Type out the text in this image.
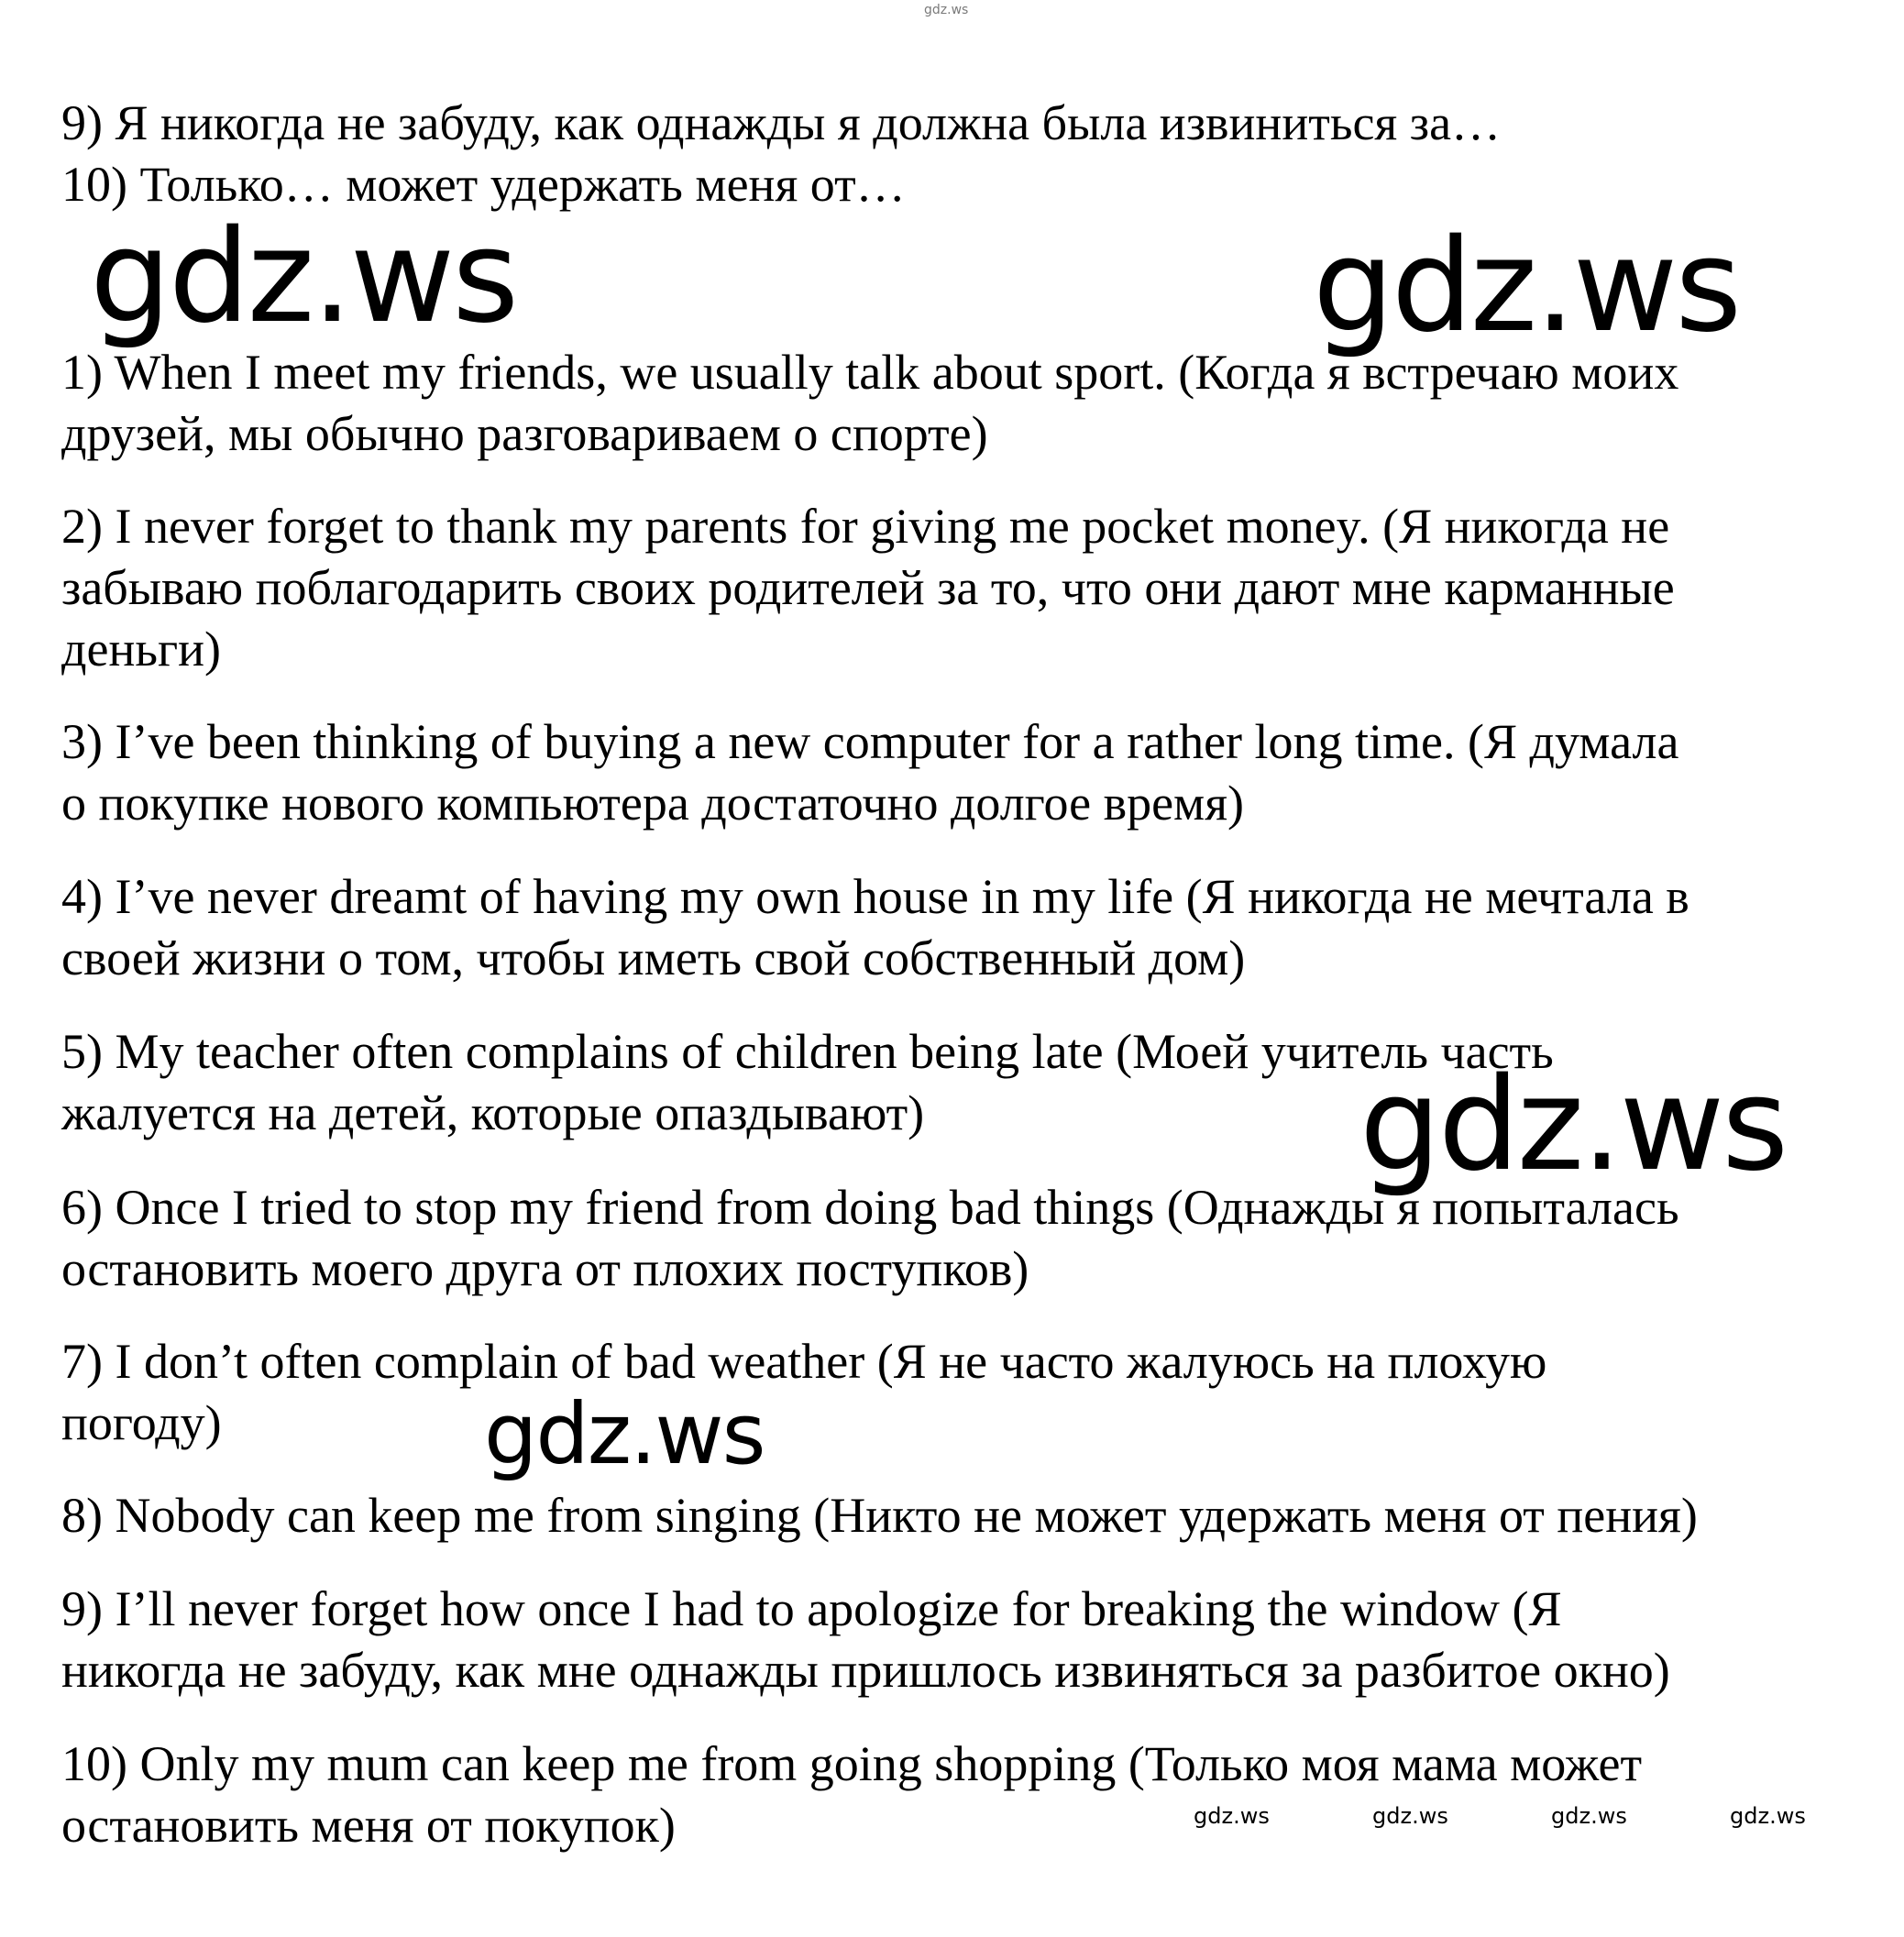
gdz.ws
9) Я никогда не забуду, как однажды я должна была извиниться за…
10) Только… может удержать меня от…
gdz.ws	gdz.ws
1) When I meet my friends, we usually talk about sport. (Когда я встречаю моих
друзей, мы обычно разговариваем о спорте)
2) I never forget to thank my parents for giving me pocket money. (Я никогда не
забываю поблагодарить своих родителей за то, что они дают мне карманные
деньги)
3) I’ve been thinking of buying a new computer for a rather long time. (Я думала
о покупке нового компьютера достаточно долгое время)
4) I’ve never dreamt of having my own house in my life (Я никогда не мечтала в
своей жизни о том, чтобы иметь свой собственный дом)
5) My teacher often complains of children being late (Моей учитель часть
жалуется на детей, которые опаздывают)	gdz.ws
6) Once I tried to stop my friend from doing bad things (Однажды я попыталась
остановить моего друга от плохих поступков)
7) I don’t often complain of bad weather (Я не часто жалуюсь на плохую
погоду)	gdz.ws
8) Nobody can keep me from singing (Никто не может удержать меня от пения)
9) I’ll never forget how once I had to apologize for breaking the window (Я
никогда не забуду, как мне однажды пришлось извиняться за разбитое окно)
10) Only my mum can keep me from going shopping (Только моя мама может
остановить меня от покупок)	gdz.ws	gdz.ws	gdz.ws	gdz.ws
